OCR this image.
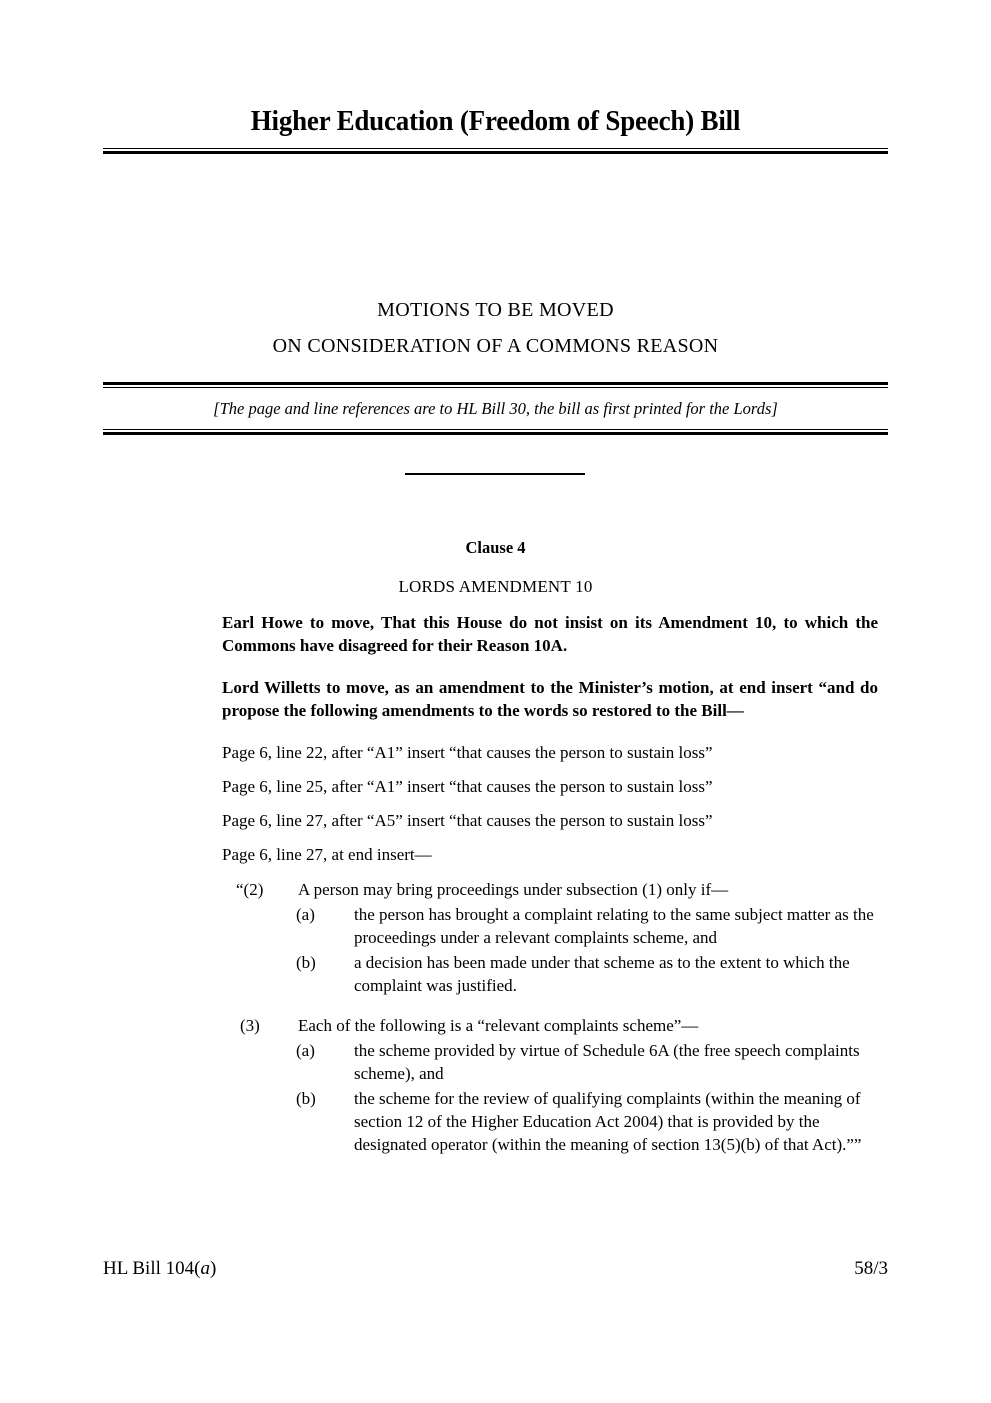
Higher Education (Freedom of Speech) Bill
MOTIONS TO BE MOVED
ON CONSIDERATION OF A COMMONS REASON
[The page and line references are to HL Bill 30, the bill as first printed for the Lords]
Clause 4
LORDS AMENDMENT 10
Earl Howe to move, That this House do not insist on its Amendment 10, to which the Commons have disagreed for their Reason 10A.
Lord Willetts to move, as an amendment to the Minister’s motion, at end insert “and do propose the following amendments to the words so restored to the Bill—
Page 6, line 22, after “A1” insert “that causes the person to sustain loss”
Page 6, line 25, after “A1” insert “that causes the person to sustain loss”
Page 6, line 27, after “A5” insert “that causes the person to sustain loss”
Page 6, line 27, at end insert—
“(2)	A person may bring proceedings under subsection (1) only if—
(a)	the person has brought a complaint relating to the same subject matter as the proceedings under a relevant complaints scheme, and
(b)	a decision has been made under that scheme as to the extent to which the complaint was justified.
(3)	Each of the following is a “relevant complaints scheme”—
(a)	the scheme provided by virtue of Schedule 6A (the free speech complaints scheme), and
(b)	the scheme for the review of qualifying complaints (within the meaning of section 12 of the Higher Education Act 2004) that is provided by the designated operator (within the meaning of section 13(5)(b) of that Act).””
HL Bill 104(a)	58/3
